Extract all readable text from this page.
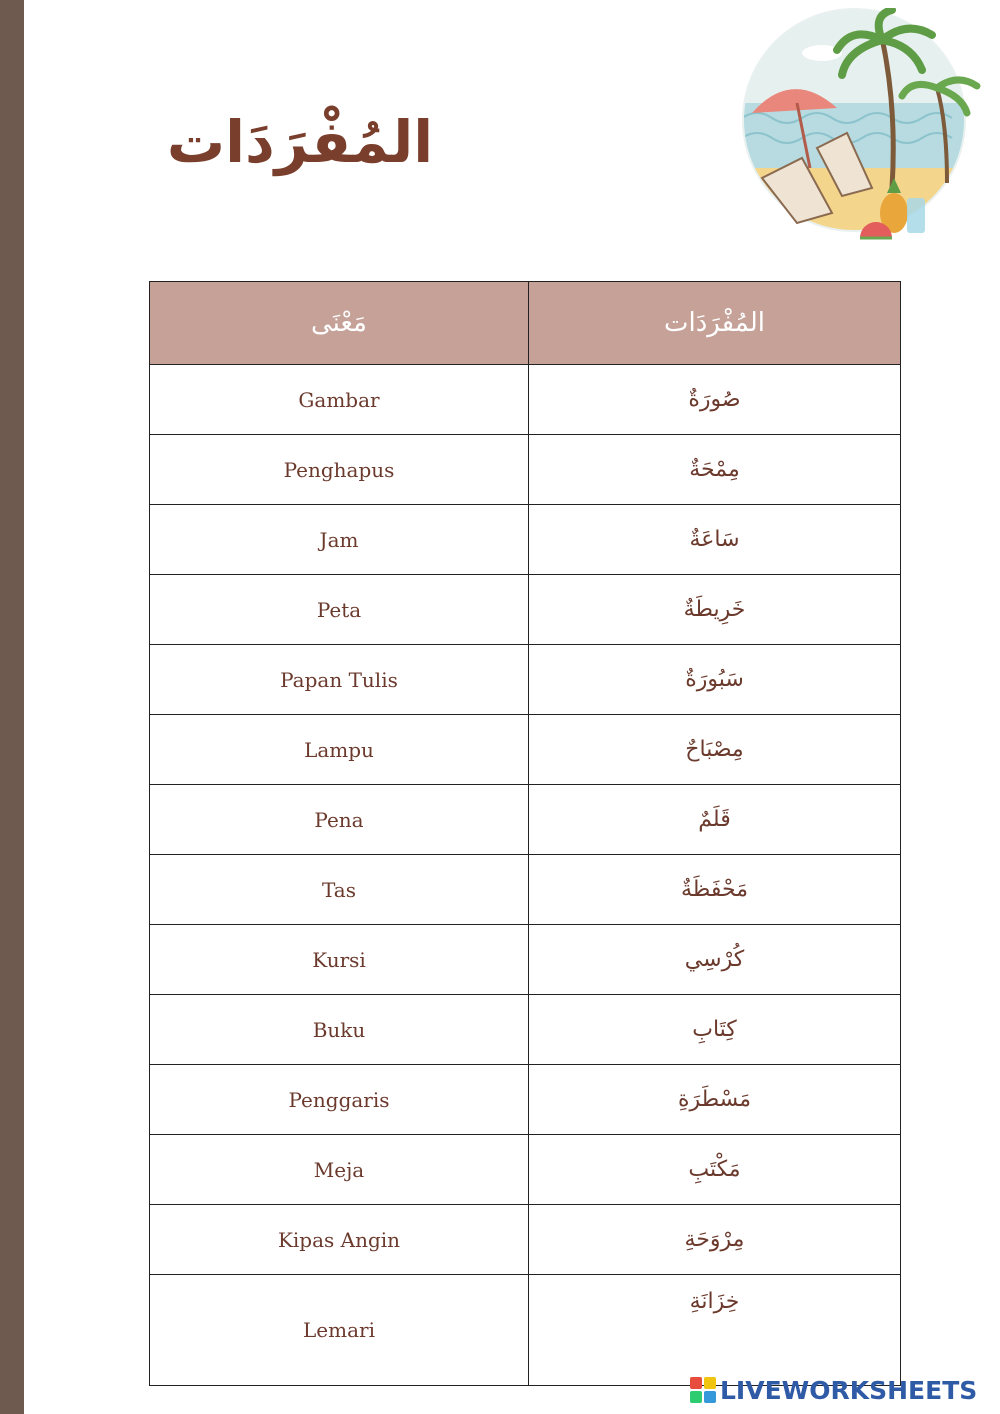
المُفْرَدَات
مَعْنَى	المُفْرَدَات
Gambar	صُورَةٌ
Penghapus	مِمْحَةٌ
Jam	سَاعَةٌ
Peta	خَرِيطَةٌ
Papan Tulis	سَبُورَةٌ
Lampu	مِصْبَاحٌ
Pena	قَلَمٌ
Tas	مَحْفَظَةٌ
Kursi	كُرْسِي
Buku	كِتَابِ
Penggaris	مَسْطَرَةِ
Meja	مَكْتَبِ
Kipas Angin	مِرْوَحَةِ
Lemari	خِزَانَةِ
LIVEWORKSHEETS
